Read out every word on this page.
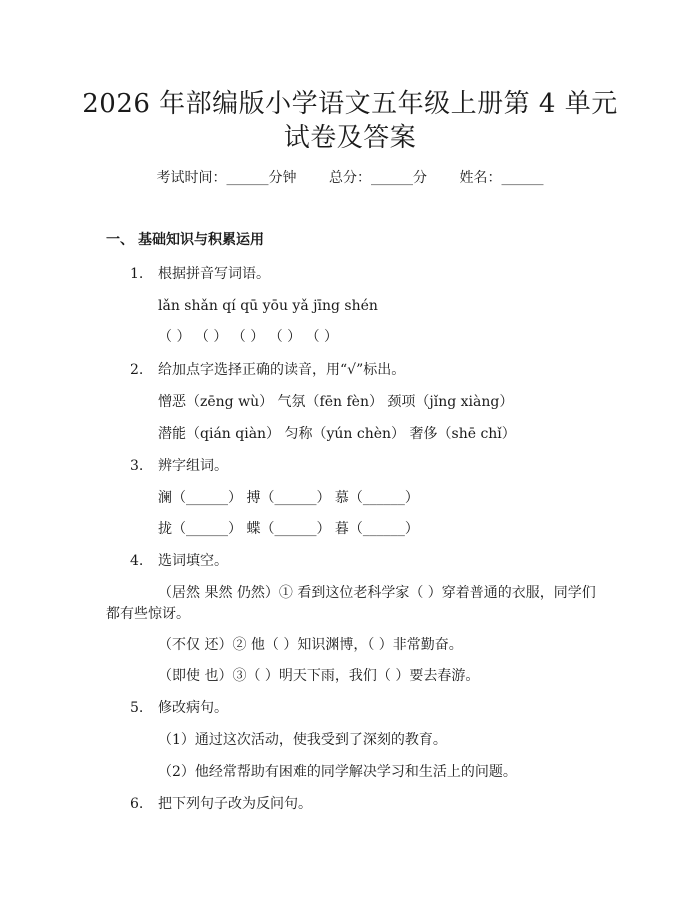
2026 年部编版小学语文五年级上册第 4 单元
试卷及答案
考试时间：______分钟 总分：______分 姓名：______
一、 基础知识与积累运用
1.	根据拼音写词语。
lǎn shǎn qí qū yōu yǎ jīng shén
（ ） （ ） （ ） （ ） （ ）
2.	给加点字选择正确的读音，用“√”标出。
憎恶（zēng wù） 气氛（fēn fèn） 颈项（jǐng xiàng）
潜能（qián qiàn） 匀称（yún chèn） 奢侈（shē chǐ）
3.	辨字组词。
澜（______） 搏（______） 慕（______）
拢（______） 蝶（______） 暮（______）
4.	选词填空。
（居然 果然 仍然）① 看到这位老科学家（ ）穿着普通的衣服，同学们
都有些惊讶。
（不仅 还）② 他（ ）知识渊博，（ ）非常勤奋。
（即使 也）③（ ）明天下雨，我们（ ）要去春游。
5.	修改病句。
（1）通过这次活动，使我受到了深刻的教育。
（2）他经常帮助有困难的同学解决学习和生活上的问题。
6.	把下列句子改为反问句。
